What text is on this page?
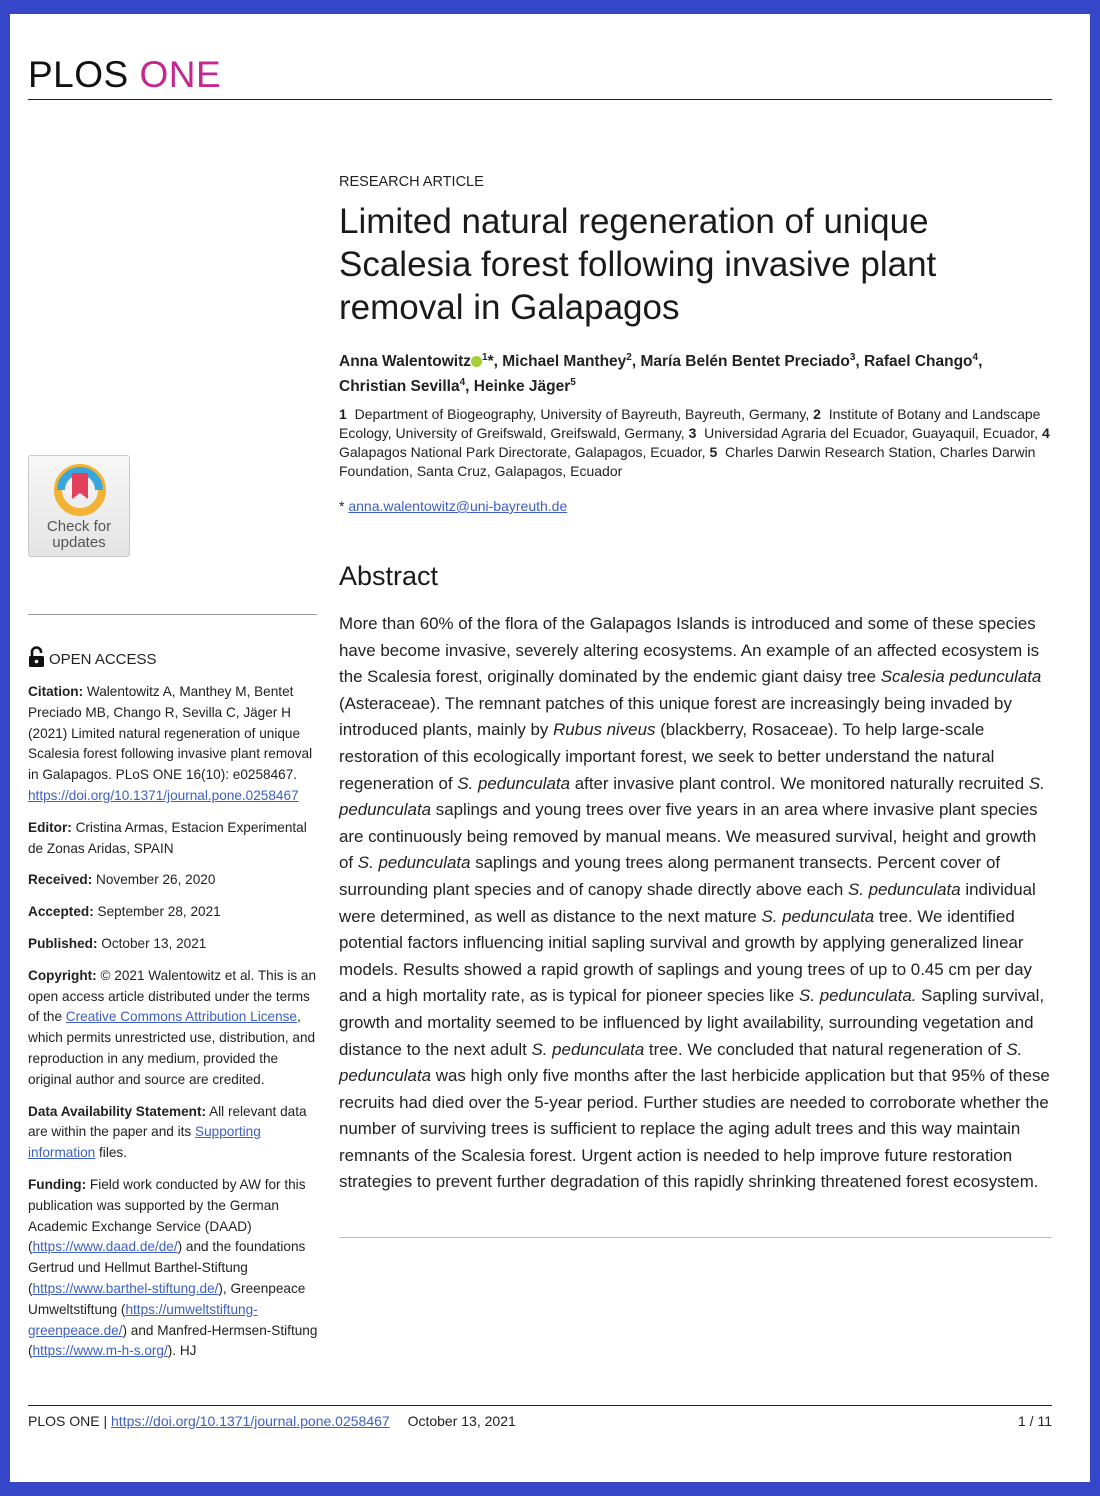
PLOS ONE
Check for
updates
OPEN ACCESS

Citation: Walentowitz A, Manthey M, Bentet Preciado MB, Chango R, Sevilla C, Jäger H (2021) Limited natural regeneration of unique Scalesia forest following invasive plant removal in Galapagos. PLoS ONE 16(10): e0258467. https://doi.org/10.1371/journal.pone.0258467

Editor: Cristina Armas, Estacion Experimental de Zonas Aridas, SPAIN

Received: November 26, 2020

Accepted: September 28, 2021

Published: October 13, 2021

Copyright: © 2021 Walentowitz et al. This is an open access article distributed under the terms of the Creative Commons Attribution License, which permits unrestricted use, distribution, and reproduction in any medium, provided the original author and source are credited.

Data Availability Statement: All relevant data are within the paper and its Supporting information files.

Funding: Field work conducted by AW for this publication was supported by the German Academic Exchange Service (DAAD) (https://www.daad.de/de/) and the foundations Gertrud und Hellmut Barthel-Stiftung (https://www.barthel-stiftung.de/), Greenpeace Umweltstiftung (https://umweltstiftung-greenpeace.de/) and Manfred-Hermsen-Stiftung (https://www.m-h-s.org/). HJ

RESEARCH ARTICLE
Limited natural regeneration of unique
Scalesia forest following invasive plant
removal in Galapagos
Anna Walentowitz $^1$*, Michael Manthey$^2$, María Belén Bentet Preciado$^3$, Rafael Chango$^4$,
Christian Sevilla$^4$, Heinke Jäger$^5$
1 Department of Biogeography, University of Bayreuth, Bayreuth, Germany, 2 Institute of Botany and Landscape Ecology, University of Greifswald, Greifswald, Germany, 3 Universidad Agraria del Ecuador, Guayaquil, Ecuador, 4  Galapagos National Park Directorate, Galapagos, Ecuador, 5 Charles Darwin Research Station, Charles Darwin Foundation, Santa Cruz, Galapagos, Ecuador
* anna.walentowitz@uni-bayreuth.de
Abstract
More than 60% of the flora of the Galapagos Islands is introduced and some of these species have become invasive, severely altering ecosystems. An example of an affected ecosystem is the Scalesia forest, originally dominated by the endemic giant daisy tree Scalesia pedunculata (Asteraceae). The remnant patches of this unique forest are increasingly being invaded by introduced plants, mainly by Rubus niveus (blackberry, Rosaceae). To help large-scale restoration of this ecologically important forest, we seek to better understand the natural regeneration of S. pedunculata after invasive plant control. We monitored naturally recruited S. pedunculata saplings and young trees over five years in an area where invasive plant species are continuously being removed by manual means. We measured survival, height and growth of S. pedunculata saplings and young trees along permanent transects. Percent cover of surrounding plant species and of canopy shade directly above each S. pedunculata individual were determined, as well as distance to the next mature S. pedunculata tree. We identified potential factors influencing initial sapling survival and growth by applying generalized linear models. Results showed a rapid growth of saplings and young trees of up to 0.45 cm per day and a high mortality rate, as is typical for pioneer species like S. pedunculata. Sapling survival, growth and mortality seemed to be influenced by light availability, surrounding vegetation and distance to the next adult S. pedunculata tree. We concluded that natural regeneration of S. pedunculata was high only five months after the last herbicide application but that 95% of these recruits had died over the 5-year period. Further studies are needed to corroborate whether the number of surviving trees is sufficient to replace the aging adult trees and this way maintain remnants of the Scalesia forest. Urgent action is needed to help improve future restoration strategies to prevent further degradation of this rapidly shrinking threatened forest ecosystem.
PLOS ONE | https://doi.org/10.1371/journal.pone.0258467 October 13, 2021	1 / 11
